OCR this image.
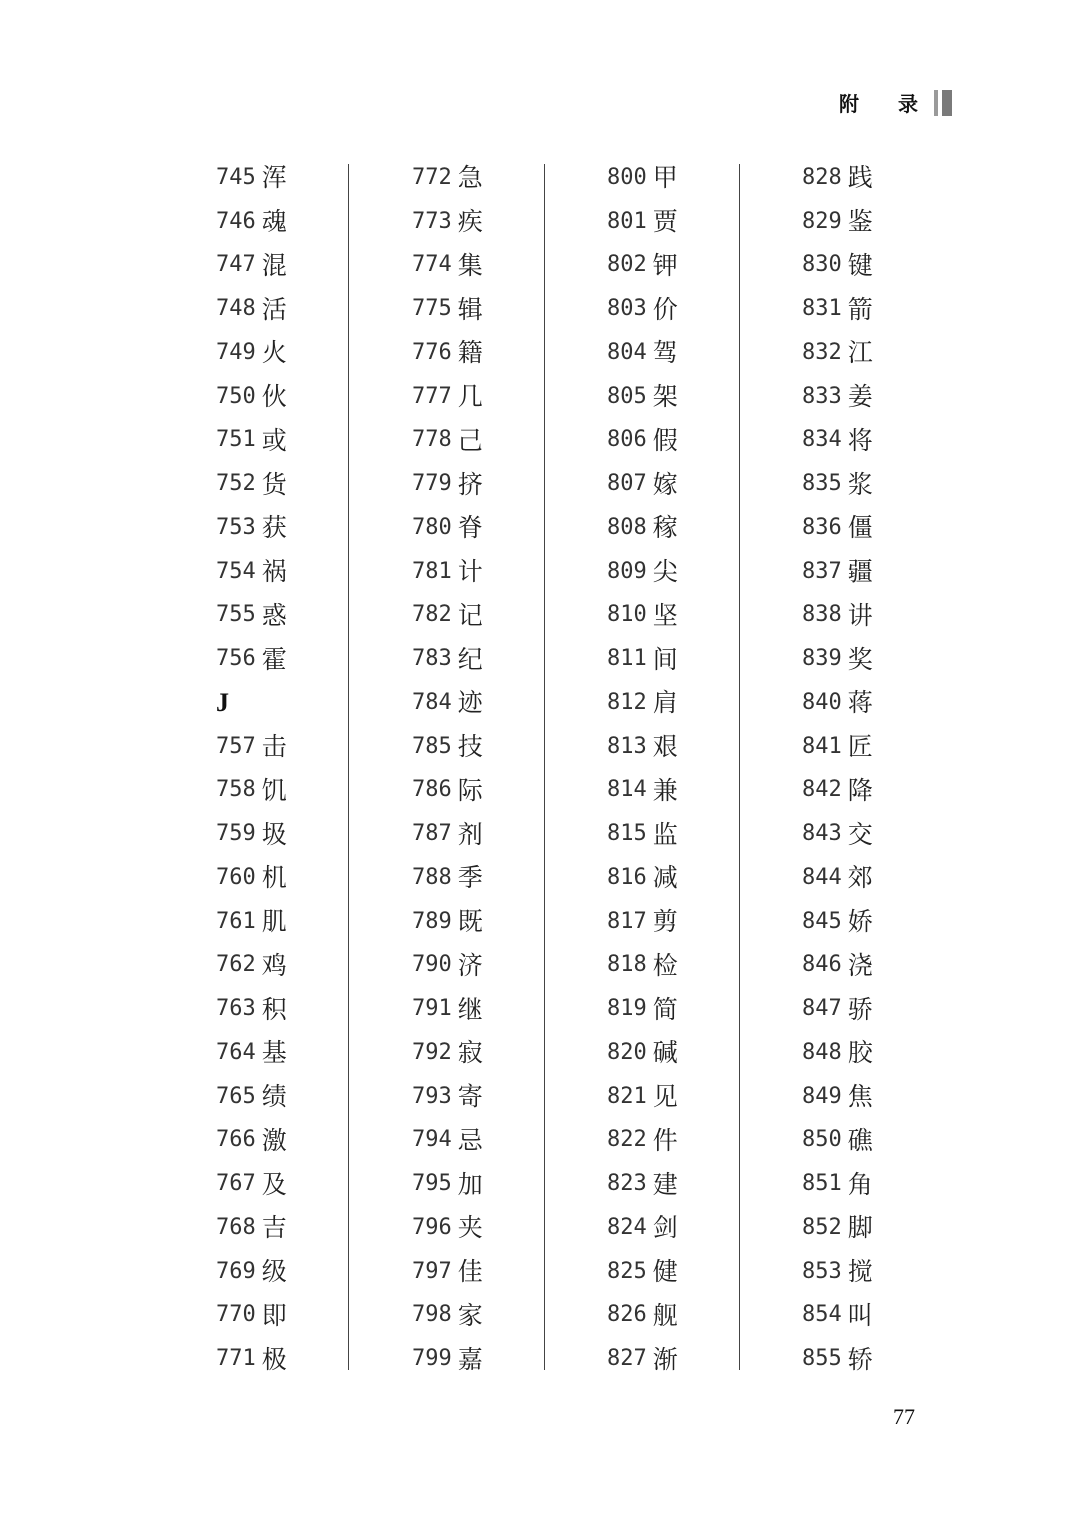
附 录
745 浑
746 魂
747 混
748 活
749 火
750 伙
751 或
752 货
753 获
754 祸
755 惑
756 霍
J
757 击
758 饥
759 圾
760 机
761 肌
762 鸡
763 积
764 基
765 绩
766 激
767 及
768 吉
769 级
770 即
771 极
772 急
773 疾
774 集
775 辑
776 籍
777 几
778 己
779 挤
780 脊
781 计
782 记
783 纪
784 迹
785 技
786 际
787 剂
788 季
789 既
790 济
791 继
792 寂
793 寄
794 忌
795 加
796 夹
797 佳
798 家
799 嘉
800 甲
801 贾
802 钾
803 价
804 驾
805 架
806 假
807 嫁
808 稼
809 尖
810 坚
811 间
812 肩
813 艰
814 兼
815 监
816 减
817 剪
818 检
819 简
820 碱
821 见
822 件
823 建
824 剑
825 健
826 舰
827 渐
828 践
829 鉴
830 键
831 箭
832 江
833 姜
834 将
835 浆
836 僵
837 疆
838 讲
839 奖
840 蒋
841 匠
842 降
843 交
844 郊
845 娇
846 浇
847 骄
848 胶
849 焦
850 礁
851 角
852 脚
853 搅
854 叫
855 轿
77
